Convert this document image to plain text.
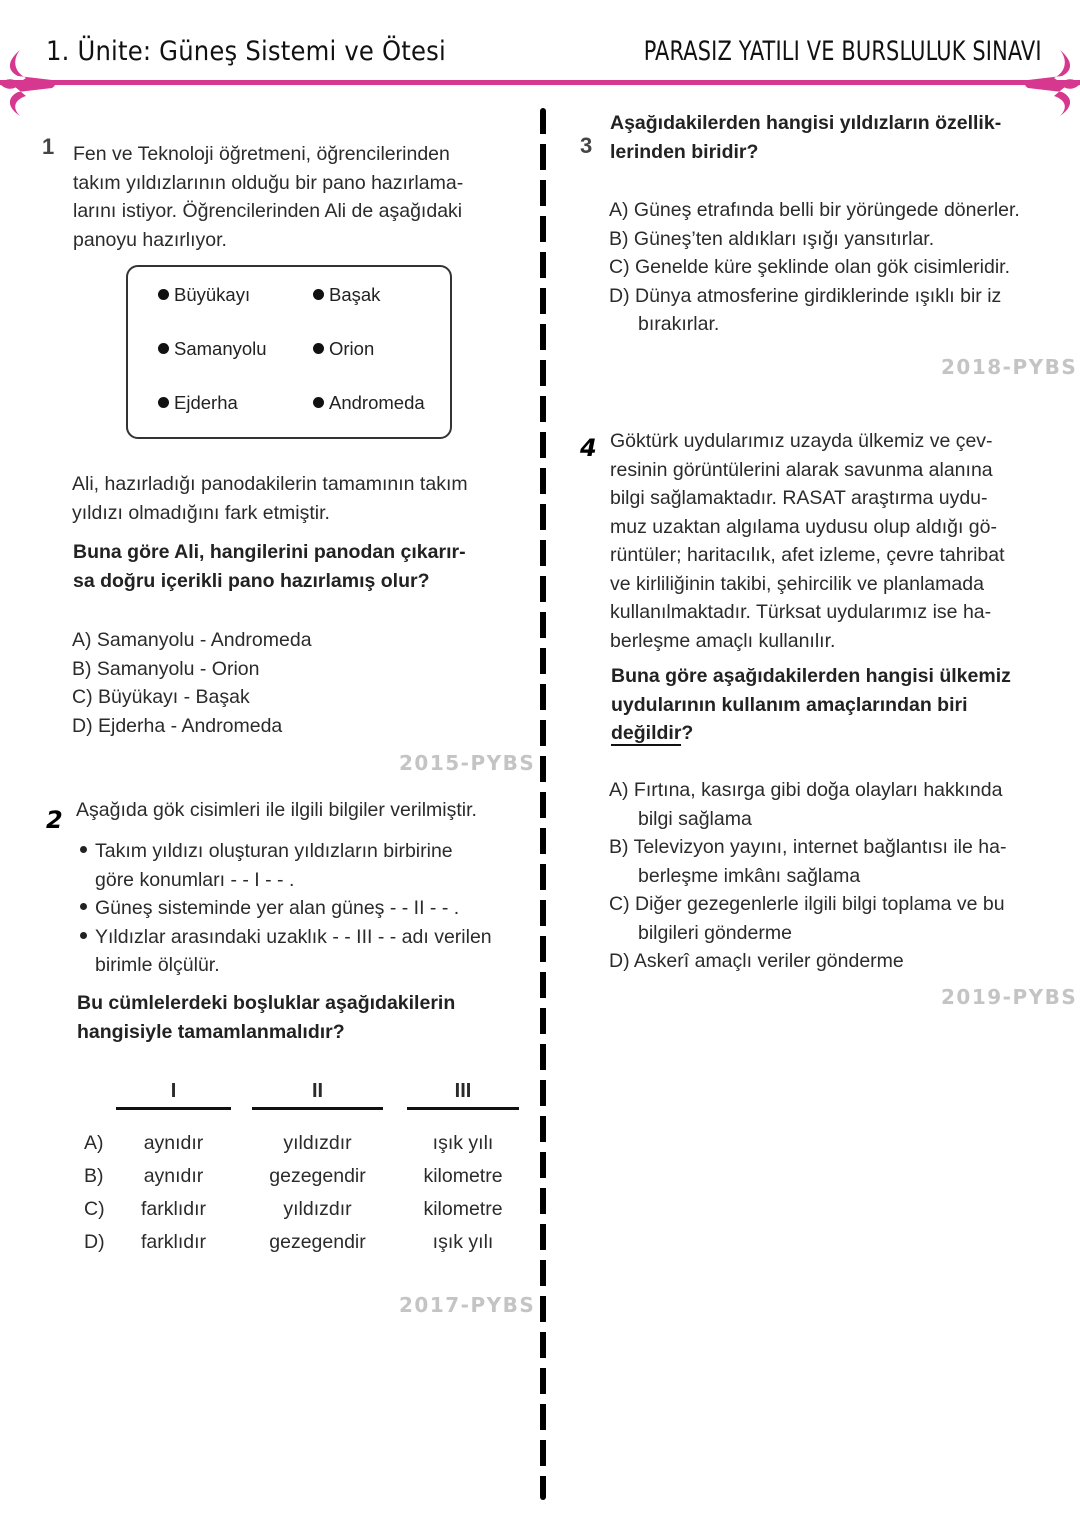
1. Ünite: Güneş Sistemi ve Ötesi	PARASIZ YATILI VE BURSLULUK SINAVI
1 Fen ve Teknoloji öğretmeni, öğrencilerinden
takım yıldızlarının olduğu bir pano hazırlama-
larını istiyor. Öğrencilerinden Ali de aşağıdaki
panoyu hazırlıyor.
Büyükayı	Başak
Samanyolu	Orion
Ejderha	Andromeda
Ali, hazırladığı panodakilerin tamamının takım
yıldızı olmadığını fark etmiştir.
Buna göre Ali, hangilerini panodan çıkarır-
sa doğru içerikli pano hazırlamış olur?
A) Samanyolu - Andromeda
B) Samanyolu - Orion
C) Büyükayı - Başak
D) Ejderha - Andromeda
2015-PYBS
2 Aşağıda gök cisimleri ile ilgili bilgiler verilmiştir.
Takım yıldızı oluşturan yıldızların birbirine
göre konumları - - I - - .
Güneş sisteminde yer alan güneş - - II - - .
Yıldızlar arasındaki uzaklık - - III - - adı verilen
birimle ölçülür.
Bu cümlelerdeki boşluklar aşağıdakilerin
hangisiyle tamamlanmalıdır?
I	II	III
A)	aynıdır	yıldızdır	ışık yılı
B)	aynıdır	gezegendir	kilometre
C)	farklıdır	yıldızdır	kilometre
D)	farklıdır	gezegendir	ışık yılı
2017-PYBS
3
Aşağıdakilerden hangisi yıldızların özellik-
lerinden biridir?
A) Güneş etrafında belli bir yörüngede dönerler.
B) Güneş’ten aldıkları ışığı yansıtırlar.
C) Genelde küre şeklinde olan gök cisimleridir.
D) Dünya atmosferine girdiklerinde ışıklı bir iz
bırakırlar.
2018-PYBS
4 Göktürk uydularımız uzayda ülkemiz ve çev-
resinin görüntülerini alarak savunma alanına
bilgi sağlamaktadır. RASAT araştırma uydu-
muz uzaktan algılama uydusu olup aldığı gö-
rüntüler; haritacılık, afet izleme, çevre tahribat
ve kirliliğinin takibi, şehircilik ve planlamada
kullanılmaktadır. Türksat uydularımız ise ha-
berleşme amaçlı kullanılır.
Buna göre aşağıdakilerden hangisi ülkemiz
uydularının kullanım amaçlarından biri
değildir?
A) Fırtına, kasırga gibi doğa olayları hakkında
bilgi sağlama
B) Televizyon yayını, internet bağlantısı ile ha-
berleşme imkânı sağlama
C) Diğer gezegenlerle ilgili bilgi toplama ve bu
bilgileri gönderme
D) Askerî amaçlı veriler gönderme
2019-PYBS
